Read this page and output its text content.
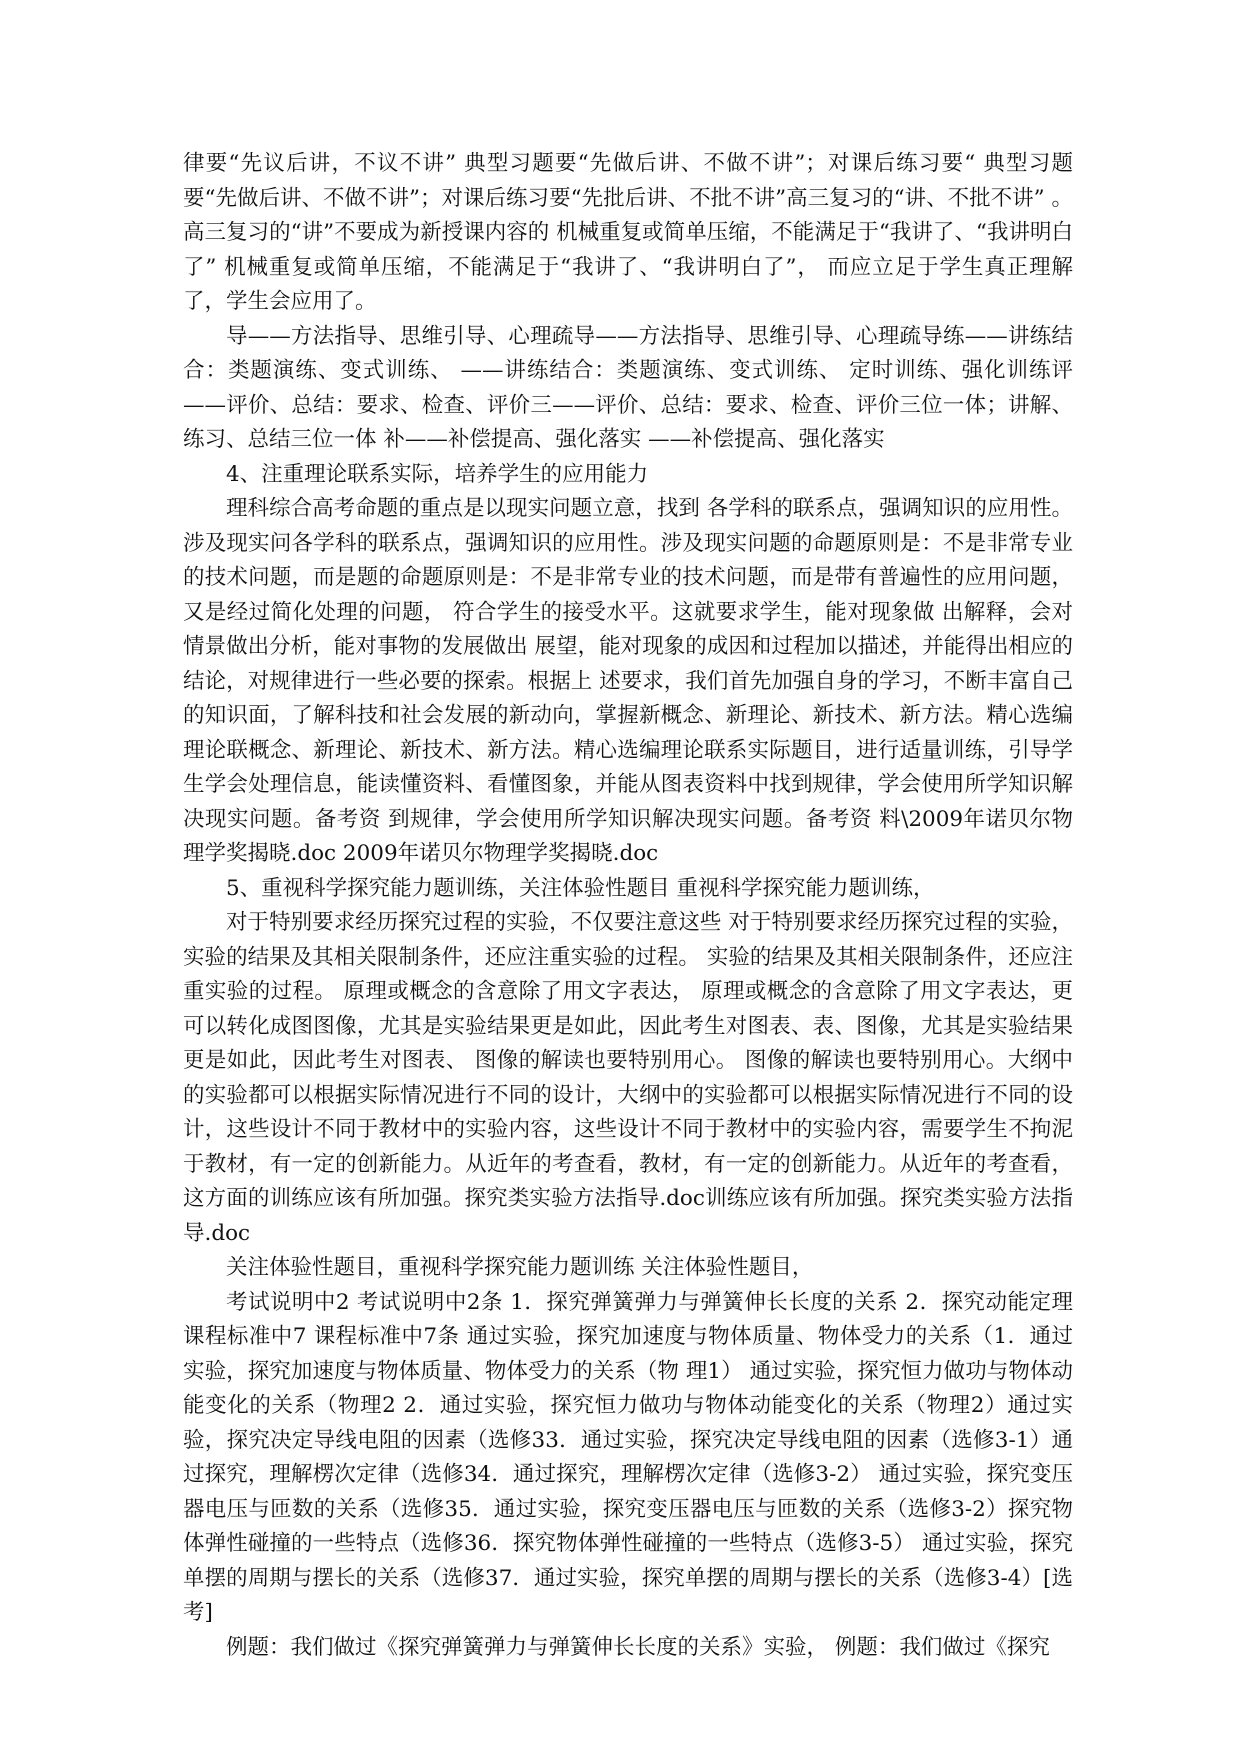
律要“先议后讲，不议不讲” 典型习题要“先做后讲、不做不讲”；对课后练习要“ 典型习题要“先做后讲、不做不讲”；对课后练习要“先批后讲、不批不讲”高三复习的“讲、不批不讲” 。高三复习的“讲”不要成为新授课内容的 机械重复或简单压缩，不能满足于“我讲了、“我讲明白了” 机械重复或简单压缩，不能满足于“我讲了、“我讲明白了”， 而应立足于学生真正理解了，学生会应用了。

导——方法指导、思维引导、心理疏导——方法指导、思维引导、心理疏导练——讲练结合：类题演练、变式训练、 ——讲练结合：类题演练、变式训练、 定时训练、强化训练评——评价、总结：要求、检查、评价三——评价、总结：要求、检查、评价三位一体；讲解、练习、总结三位一体 补——补偿提高、强化落实 ——补偿提高、强化落实

4、注重理论联系实际，培养学生的应用能力

理科综合高考命题的重点是以现实问题立意，找到 各学科的联系点，强调知识的应用性。涉及现实问各学科的联系点，强调知识的应用性。涉及现实问题的命题原则是：不是非常专业的技术问题，而是题的命题原则是：不是非常专业的技术问题，而是带有普遍性的应用问题，又是经过简化处理的问题， 符合学生的接受水平。这就要求学生，能对现象做 出解释，会对情景做出分析，能对事物的发展做出 展望，能对现象的成因和过程加以描述，并能得出相应的结论，对规律进行一些必要的探索。根据上 述要求，我们首先加强自身的学习，不断丰富自己的知识面，了解科技和社会发展的新动向，掌握新概念、新理论、新技术、新方法。精心选编理论联概念、新理论、新技术、新方法。精心选编理论联系实际题目，进行适量训练，引导学生学会处理信息，能读懂资料、看懂图象，并能从图表资料中找到规律，学会使用所学知识解决现实问题。备考资 到规律，学会使用所学知识解决现实问题。备考资 料\2009年诺贝尔物理学奖揭晓.doc 2009年诺贝尔物理学奖揭晓.doc

5、重视科学探究能力题训练，关注体验性题目 重视科学探究能力题训练，

对于特别要求经历探究过程的实验，不仅要注意这些 对于特别要求经历探究过程的实验，实验的结果及其相关限制条件，还应注重实验的过程。 实验的结果及其相关限制条件，还应注重实验的过程。 原理或概念的含意除了用文字表达， 原理或概念的含意除了用文字表达，更可以转化成图图像，尤其是实验结果更是如此，因此考生对图表、表、图像，尤其是实验结果更是如此，因此考生对图表、 图像的解读也要特别用心。 图像的解读也要特别用心。大纲中的实验都可以根据实际情况进行不同的设计，大纲中的实验都可以根据实际情况进行不同的设计，这些设计不同于教材中的实验内容，这些设计不同于教材中的实验内容，需要学生不拘泥于教材，有一定的创新能力。从近年的考查看，教材，有一定的创新能力。从近年的考查看，这方面的训练应该有所加强。探究类实验方法指导.doc训练应该有所加强。探究类实验方法指导.doc

关注体验性题目，重视科学探究能力题训练 关注体验性题目，

考试说明中2 考试说明中2条 1．探究弹簧弹力与弹簧伸长长度的关系 2．探究动能定理 课程标准中7 课程标准中7条 通过实验，探究加速度与物体质量、物体受力的关系（1．通过实验，探究加速度与物体质量、物体受力的关系（物 理1） 通过实验，探究恒力做功与物体动能变化的关系（物理2 2．通过实验，探究恒力做功与物体动能变化的关系（物理2）通过实验，探究决定导线电阻的因素（选修33．通过实验，探究决定导线电阻的因素（选修3-1）通过探究，理解楞次定律（选修34．通过探究，理解楞次定律（选修3-2） 通过实验，探究变压器电压与匝数的关系（选修35．通过实验，探究变压器电压与匝数的关系（选修3-2）探究物体弹性碰撞的一些特点（选修36．探究物体弹性碰撞的一些特点（选修3-5） 通过实验，探究单摆的周期与摆长的关系（选修37．通过实验，探究单摆的周期与摆长的关系（选修3-4）[选 考]

例题：我们做过《探究弹簧弹力与弹簧伸长长度的关系》实验， 例题：我们做过《探究
